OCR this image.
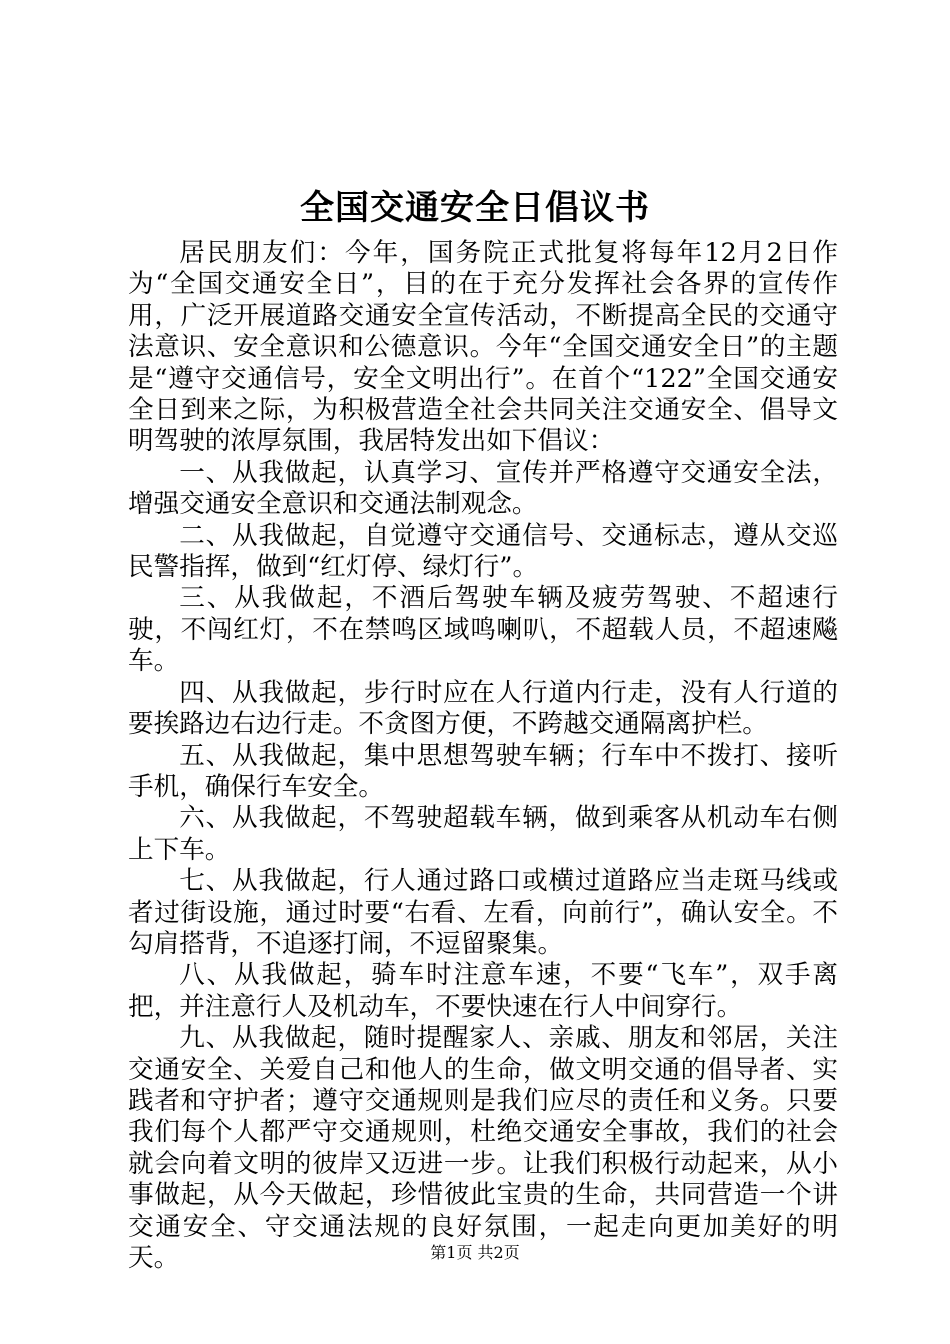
全国交通安全日倡议书

居民朋友们：今年，国务院正式批复将每年12月2日作为“全国交通安全日”，目的在于充分发挥社会各界的宣传作用，广泛开展道路交通安全宣传活动，不断提高全民的交通守法意识、安全意识和公德意识。今年“全国交通安全日”的主题是“遵守交通信号，安全文明出行”。在首个“122”全国交通安全日到来之际，为积极营造全社会共同关注交通安全、倡导文明驾驶的浓厚氛围，我居特发出如下倡议：

一、从我做起，认真学习、宣传并严格遵守交通安全法，增强交通安全意识和交通法制观念。

二、从我做起，自觉遵守交通信号、交通标志，遵从交巡民警指挥，做到“红灯停、绿灯行”。

三、从我做起，不酒后驾驶车辆及疲劳驾驶、不超速行驶，不闯红灯，不在禁鸣区域鸣喇叭，不超载人员，不超速飚车。

四、从我做起，步行时应在人行道内行走，没有人行道的要挨路边右边行走。不贪图方便，不跨越交通隔离护栏。

五、从我做起，集中思想驾驶车辆；行车中不拨打、接听手机，确保行车安全。

六、从我做起，不驾驶超载车辆，做到乘客从机动车右侧上下车。

七、从我做起，行人通过路口或横过道路应当走斑马线或者过街设施，通过时要“右看、左看，向前行”，确认安全。不勾肩搭背，不追逐打闹，不逗留聚集。

八、从我做起，骑车时注意车速，不要“飞车”，双手离把，并注意行人及机动车，不要快速在行人中间穿行。

九、从我做起，随时提醒家人、亲戚、朋友和邻居，关注交通安全、关爱自己和他人的生命，做文明交通的倡导者、实践者和守护者；遵守交通规则是我们应尽的责任和义务。只要我们每个人都严守交通规则，杜绝交通安全事故，我们的社会就会向着文明的彼岸又迈进一步。让我们积极行动起来，从小事做起，从今天做起，珍惜彼此宝贵的生命，共同营造一个讲交通安全、守交通法规的良好氛围，一起走向更加美好的明天。	第1页 共2页
